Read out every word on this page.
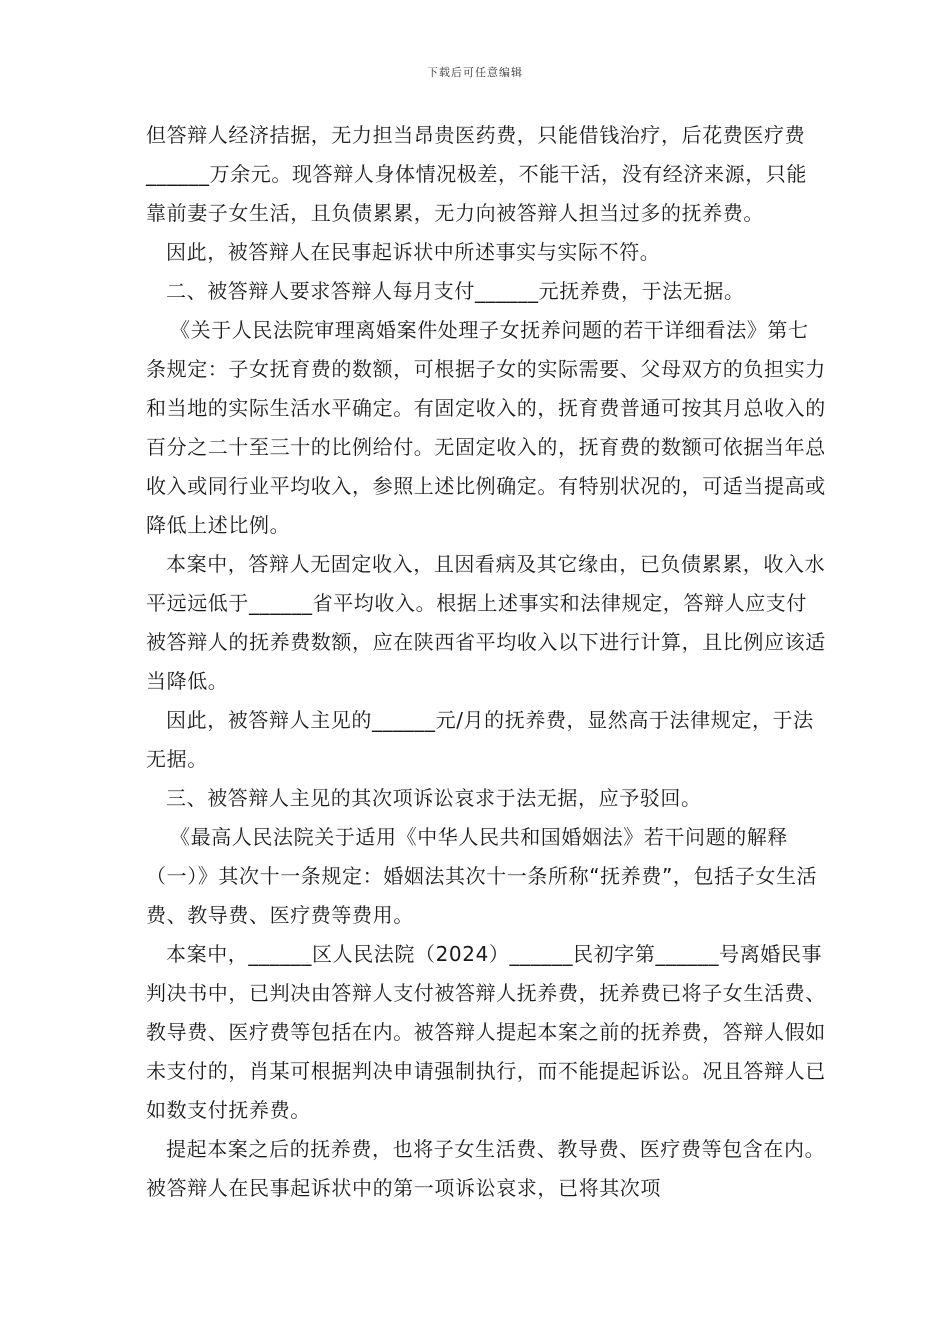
下载后可任意编辑

但答辩人经济拮据，无力担当昂贵医药费，只能借钱治疗，后花费医疗费______万余元。现答辩人身体情况极差，不能干活，没有经济来源，只能靠前妻子女生活，且负债累累，无力向被答辩人担当过多的抚养费。

因此，被答辩人在民事起诉状中所述事实与实际不符。

二、被答辩人要求答辩人每月支付______元抚养费，于法无据。

《关于人民法院审理离婚案件处理子女抚养问题的若干详细看法》第七条规定：子女抚育费的数额，可根据子女的实际需要、父母双方的负担实力和当地的实际生活水平确定。有固定收入的，抚育费普通可按其月总收入的百分之二十至三十的比例给付。无固定收入的，抚育费的数额可依据当年总收入或同行业平均收入，参照上述比例确定。有特别状况的，可适当提高或降低上述比例。

本案中，答辩人无固定收入，且因看病及其它缘由，已负债累累，收入水平远远低于______省平均收入。根据上述事实和法律规定，答辩人应支付被答辩人的抚养费数额，应在陕西省平均收入以下进行计算，且比例应该适当降低。

因此，被答辩人主见的______元/月的抚养费，显然高于法律规定，于法无据。

三、被答辩人主见的其次项诉讼哀求于法无据，应予驳回。

《最高人民法院关于适用《中华人民共和国婚姻法》若干问题的解释（一）》其次十一条规定：婚姻法其次十一条所称“抚养费”，包括子女生活费、教导费、医疗费等费用。

本案中，______区人民法院（2024）______民初字第______号离婚民事判决书中，已判决由答辩人支付被答辩人抚养费，抚养费已将子女生活费、教导费、医疗费等包括在内。被答辩人提起本案之前的抚养费，答辩人假如未支付的，肖某可根据判决申请强制执行，而不能提起诉讼。况且答辩人已如数支付抚养费。

提起本案之后的抚养费，也将子女生活费、教导费、医疗费等包含在内。被答辩人在民事起诉状中的第一项诉讼哀求，已将其次项
